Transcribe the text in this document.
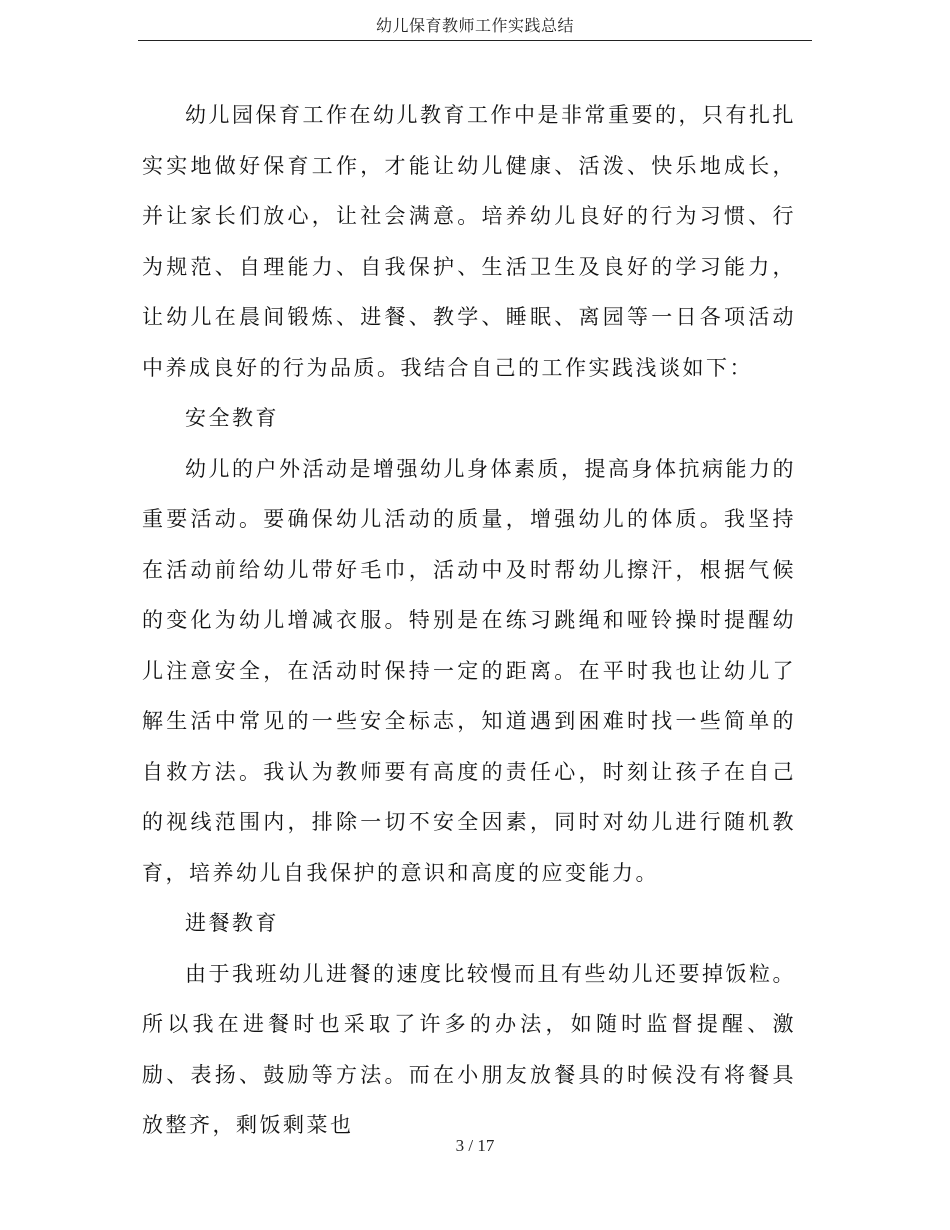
幼儿保育教师工作实践总结

幼儿园保育工作在幼儿教育工作中是非常重要的，只有扎扎实实地做好保育工作，才能让幼儿健康、活泼、快乐地成长，并让家长们放心，让社会满意。培养幼儿良好的行为习惯、行为规范、自理能力、自我保护、生活卫生及良好的学习能力，让幼儿在晨间锻炼、进餐、教学、睡眠、离园等一日各项活动中养成良好的行为品质。我结合自己的工作实践浅谈如下：

安全教育

幼儿的户外活动是增强幼儿身体素质，提高身体抗病能力的重要活动。要确保幼儿活动的质量，增强幼儿的体质。我坚持在活动前给幼儿带好毛巾，活动中及时帮幼儿擦汗，根据气候的变化为幼儿增减衣服。特别是在练习跳绳和哑铃操时提醒幼儿注意安全，在活动时保持一定的距离。在平时我也让幼儿了解生活中常见的一些安全标志，知道遇到困难时找一些简单的自救方法。我认为教师要有高度的责任心，时刻让孩子在自己的视线范围内，排除一切不安全因素，同时对幼儿进行随机教育，培养幼儿自我保护的意识和高度的应变能力。

进餐教育

由于我班幼儿进餐的速度比较慢而且有些幼儿还要掉饭粒。所以我在进餐时也采取了许多的办法，如随时监督提醒、激励、表扬、鼓励等方法。而在小朋友放餐具的时候没有将餐具放整齐，剩饭剩菜也

3 / 17
